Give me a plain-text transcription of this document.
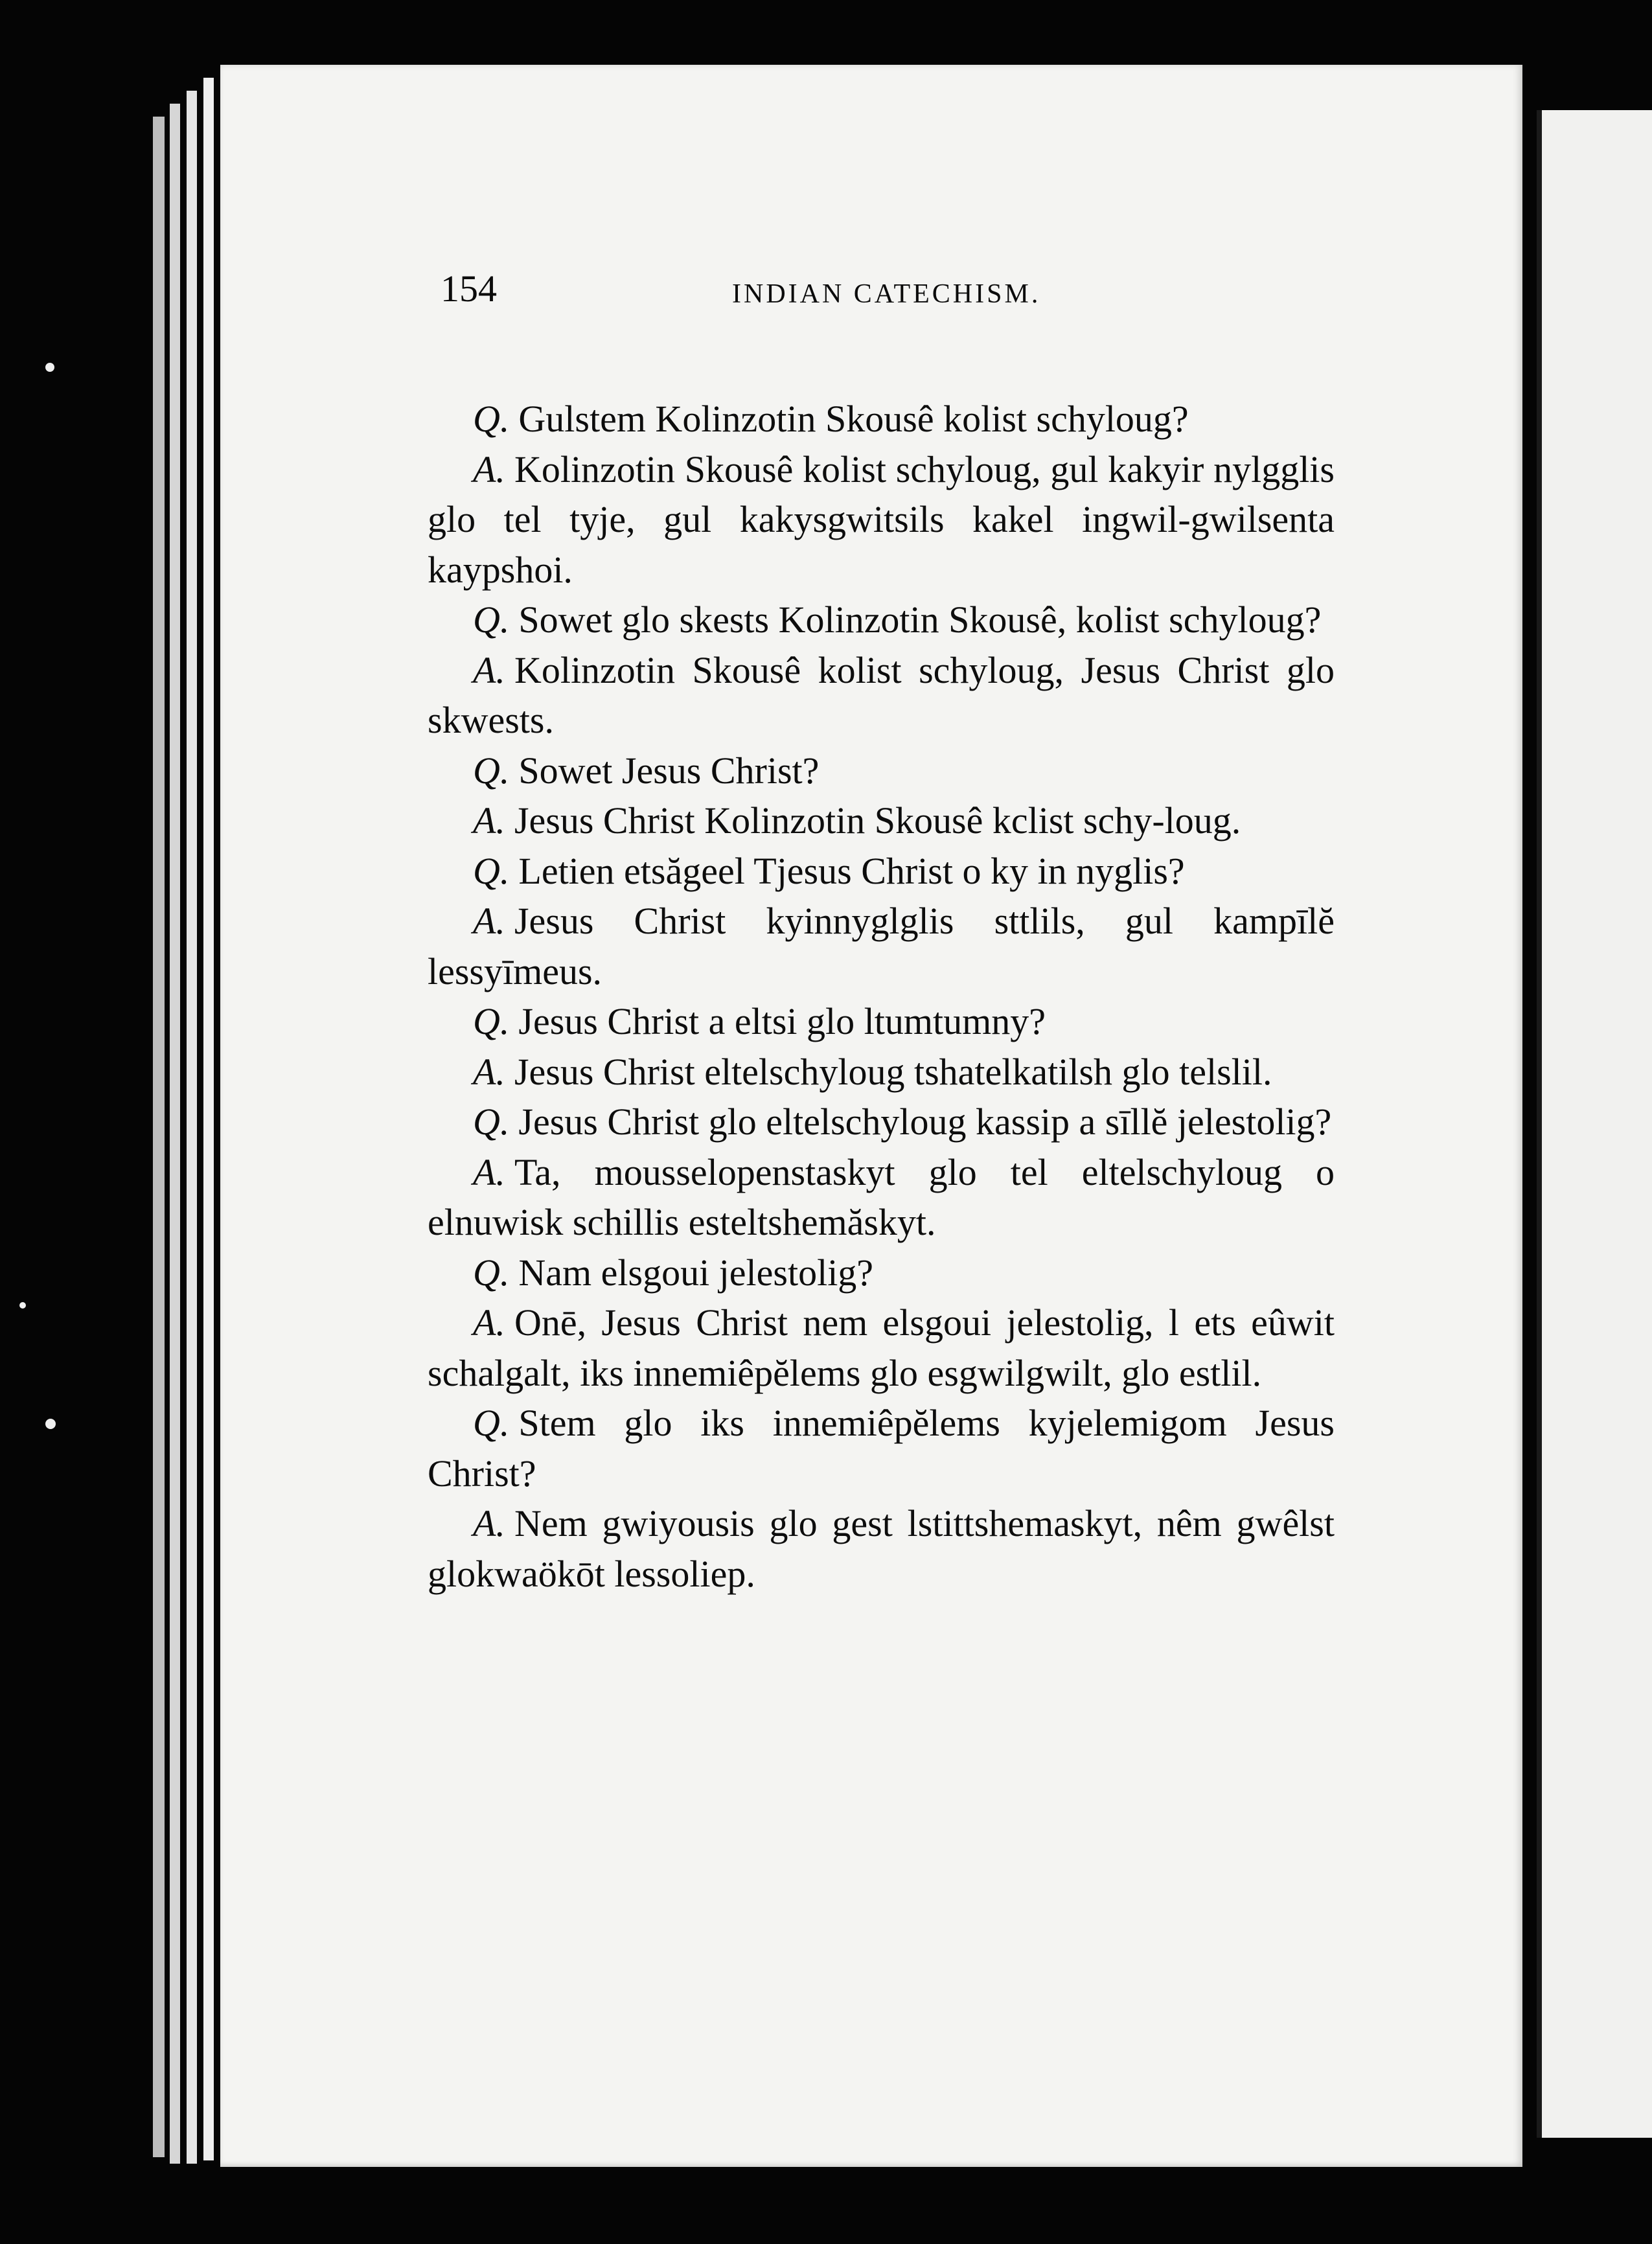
154	INDIAN CATECHISM.

Q. Gulstem Kolinzotin Skousê kolist schyloug?

A. Kolinzotin Skousê kolist schyloug, gul kakyir nylgglis glo tel tyje, gul kakysgwitsils kakel ingwil-gwilsenta kaypshoi.

Q. Sowet glo skests Kolinzotin Skousê, kolist schyloug?

A. Kolinzotin Skousê kolist schyloug, Jesus Christ glo skwests.

Q. Sowet Jesus Christ?

A. Jesus Christ Kolinzotin Skousê kclist schy-loug.

Q. Letien etsăgeel Tjesus Christ o ky in nyglis?

A. Jesus Christ kyinnyglglis sttlils, gul kampīlĕ lessyīmeus.

Q. Jesus Christ a eltsi glo ltumtumny?

A. Jesus Christ eltelschyloug tshatelkatilsh glo telslil.

Q. Jesus Christ glo eltelschyloug kassip a sīllĕ jelestolig?

A. Ta, mousselopenstaskyt glo tel eltelschyloug o elnuwisk schillis esteltshemăskyt.

Q. Nam elsgoui jelestolig?

A. Onē, Jesus Christ nem elsgoui jelestolig, l ets eûwit schalgalt, iks innemiêpĕlems glo esgwilgwilt, glo estlil.

Q. Stem glo iks innemiêpĕlems kyjelemigom Jesus Christ?

A. Nem gwiyousis glo gest lstittshemaskyt, nêm gwêlst glokwaökōt lessoliep.
